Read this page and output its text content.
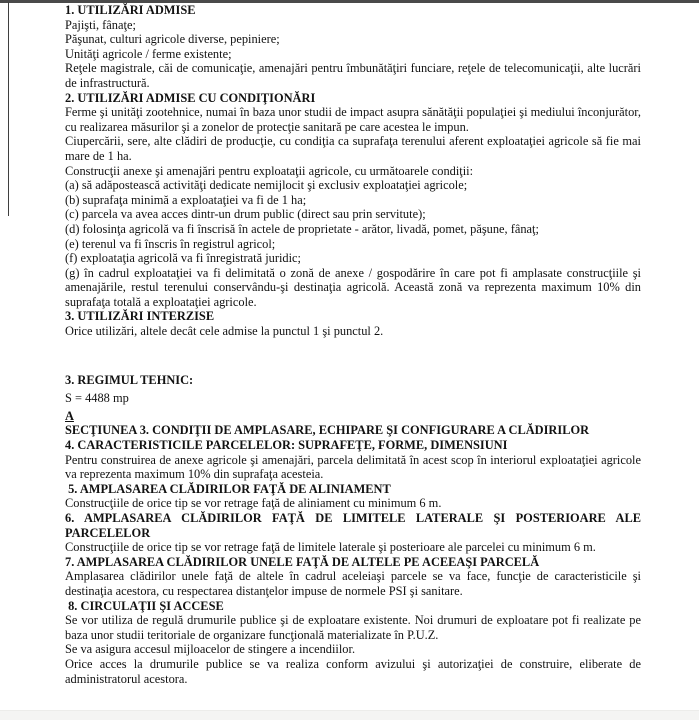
1. UTILIZĂRI ADMISE

Pajişti, fânaţe;

Păşunat, culturi agricole diverse, pepiniere;

Unităţi agricole / ferme existente;

Reţele magistrale, căi de comunicaţie, amenajări pentru îmbunătăţiri funciare, reţele de telecomunicaţii, alte lucrări de infrastructură.

2. UTILIZĂRI ADMISE CU CONDIŢIONĂRI

Ferme şi unităţi zootehnice, numai în baza unor studii de impact asupra sănătăţii populaţiei şi mediului înconjurător, cu realizarea măsurilor şi a zonelor de protecţie sanitară pe care acestea le impun.

Ciupercării, sere, alte clădiri de producţie, cu condiţia ca suprafaţa terenului aferent exploataţiei agricole să fie mai mare de 1 ha.

Construcţii anexe şi amenajări pentru exploataţii agricole, cu următoarele condiţii:

(a) să adăpostească activităţi dedicate nemijlocit şi exclusiv exploataţiei agricole;

(b) suprafaţa minimă a exploataţiei va fi de 1 ha;

(c) parcela va avea acces dintr-un drum public (direct sau prin servitute);

(d) folosinţa agricolă va fi înscrisă în actele de proprietate - arător, livadă, pomet, păşune, fânaţ;

(e) terenul va fi înscris în registrul agricol;

(f) exploataţia agricolă va fi înregistrată juridic;

(g) în cadrul exploataţiei va fi delimitată o zonă de anexe / gospodărire în care pot fi amplasate construcţiile şi amenajările, restul terenului conservându-şi destinaţia agricolă. Această zonă va reprezenta maximum 10% din suprafaţa totală a exploataţiei agricole.

3. UTILIZĂRI INTERZISE

Orice utilizări, altele decât cele admise la punctul 1 şi punctul 2.

3. REGIMUL TEHNIC:

S = 4488 mp

A

SECŢIUNEA 3. CONDIŢII DE AMPLASARE, ECHIPARE ŞI CONFIGURARE A CLĂDIRILOR

4. CARACTERISTICILE PARCELELOR: SUPRAFEŢE, FORME, DIMENSIUNI

Pentru construirea de anexe agricole şi amenajări, parcela delimitată în acest scop în interiorul exploataţiei agricole va reprezenta maximum 10% din suprafaţa acesteia.

5. AMPLASAREA CLĂDIRILOR FAŢĂ DE ALINIAMENT

Construcţiile de orice tip se vor retrage faţă de aliniament cu minimum 6 m.

6. AMPLASAREA CLĂDIRILOR FAŢĂ DE LIMITELE LATERALE ŞI POSTERIOARE ALE PARCELELOR

Construcţiile de orice tip se vor retrage faţă de limitele laterale şi posterioare ale parcelei cu minimum 6 m.

7. AMPLASAREA CLĂDIRILOR UNELE FAŢĂ DE ALTELE PE ACEEAŞI PARCELĂ

Amplasarea clădirilor unele faţă de altele în cadrul aceleiaşi parcele se va face, funcţie de caracteristicile şi destinaţia acestora, cu respectarea distanţelor impuse de normele PSI şi sanitare.

8. CIRCULAŢII ŞI ACCESE

Se vor utiliza de regulă drumurile publice şi de exploatare existente. Noi drumuri de exploatare pot fi realizate pe baza unor studii teritoriale de organizare funcţională materializate în P.U.Z.

Se va asigura accesul mijloacelor de stingere a incendiilor.

Orice acces la drumurile publice se va realiza conform avizului şi autorizaţiei de construire, eliberate de administratorul acestora.
